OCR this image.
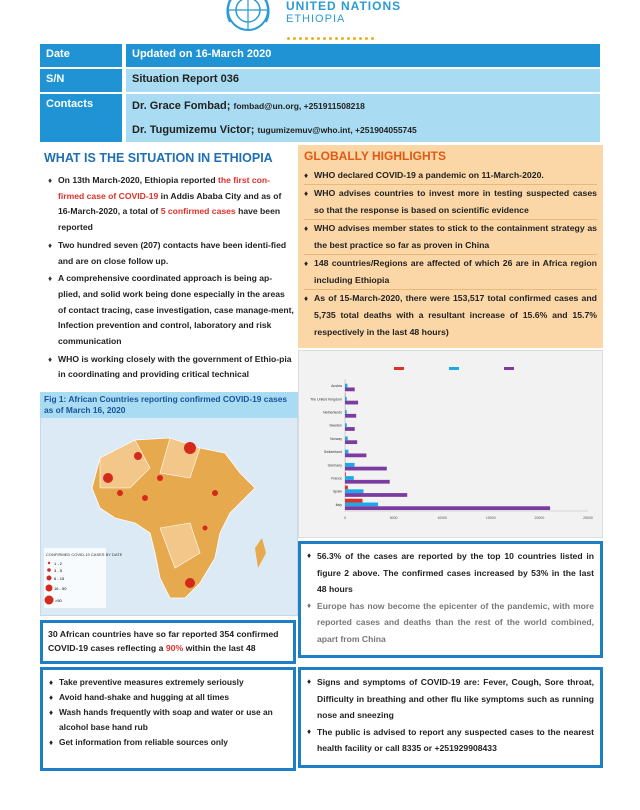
UNITED NATIONS
ETHIOPIA
Date	Updated on 16-March 2020
S/N	Situation Report 036
Contacts	Dr. Grace Fombad; fombad@un.org, +251911508218
Dr. Tugumizemu Victor; tugumizemuv@who.int, +251904055745
WHAT IS THE SITUATION IN ETHIOPIA
♦ On 13th March-2020, Ethiopia reported the first con-firmed case of COVID-19 in Addis Ababa City and as of 16-March-2020, a total of 5 confirmed cases have been reported
♦ Two hundred seven (207) contacts have been identi-fied and are on close follow up.
♦ A comprehensive coordinated approach is being ap-plied, and solid work being done especially in the areas of contact tracing, case investigation, case manage-ment, Infection prevention and control, laboratory and risk communication
♦ WHO is working closely with the government of Ethio-pia in coordinating and providing critical technical
Fig 1: African Countries reporting confirmed COVID-19 cases as of March 16, 2020
CONFIRMED COVID-19 CASES BY DATE
1 - 2
3 - 5
6 - 15
16 - 50
>50
30 African countries have so far reported 354 confirmed COVID-19 cases reflecting a 90% within the last 48
♦ Take preventive measures extremely seriously
♦ Avoid hand-shake and hugging at all times
♦ Wash hands frequently with soap and water or use an alcohol base hand rub
♦ Get information from reliable sources only
GLOBALLY HIGHLIGHTS
♦ WHO declared COVID-19 a pandemic on 11-March-2020.
♦ WHO advises countries to invest more in testing suspected cases so that the response is based on scientific evidence
♦ WHO advises member states to stick to the containment strategy as the best practice so far as proven in China
♦ 148 countries/Regions are affected of which 26 are in Africa region including Ethiopia
♦ As of 15-March-2020, there were 153,517 total confirmed cases and 5,735 total deaths with a resultant increase of 15.6% and 15.7% respectively in the last 48 hours)
0	5000	10000	15000	20000	25000
Italy
Spain
France
Germany
Switzerland
Norway
Sweden
Netherlands
The United Kingdom
Austria
♦ 56.3% of the cases are reported by the top 10 countries listed in figure 2 above. The confirmed cases increased by 53% in the last 48 hours
♦ Europe has now become the epicenter of the pandemic, with more reported cases and deaths than the rest of the world combined, apart from China
♦ Signs and symptoms of COVID-19 are: Fever, Cough, Sore throat, Difficulty in breathing and other flu like symptoms such as running nose and sneezing
♦ The public is advised to report any suspected cases to the nearest health facility or call 8335 or +251929908433
